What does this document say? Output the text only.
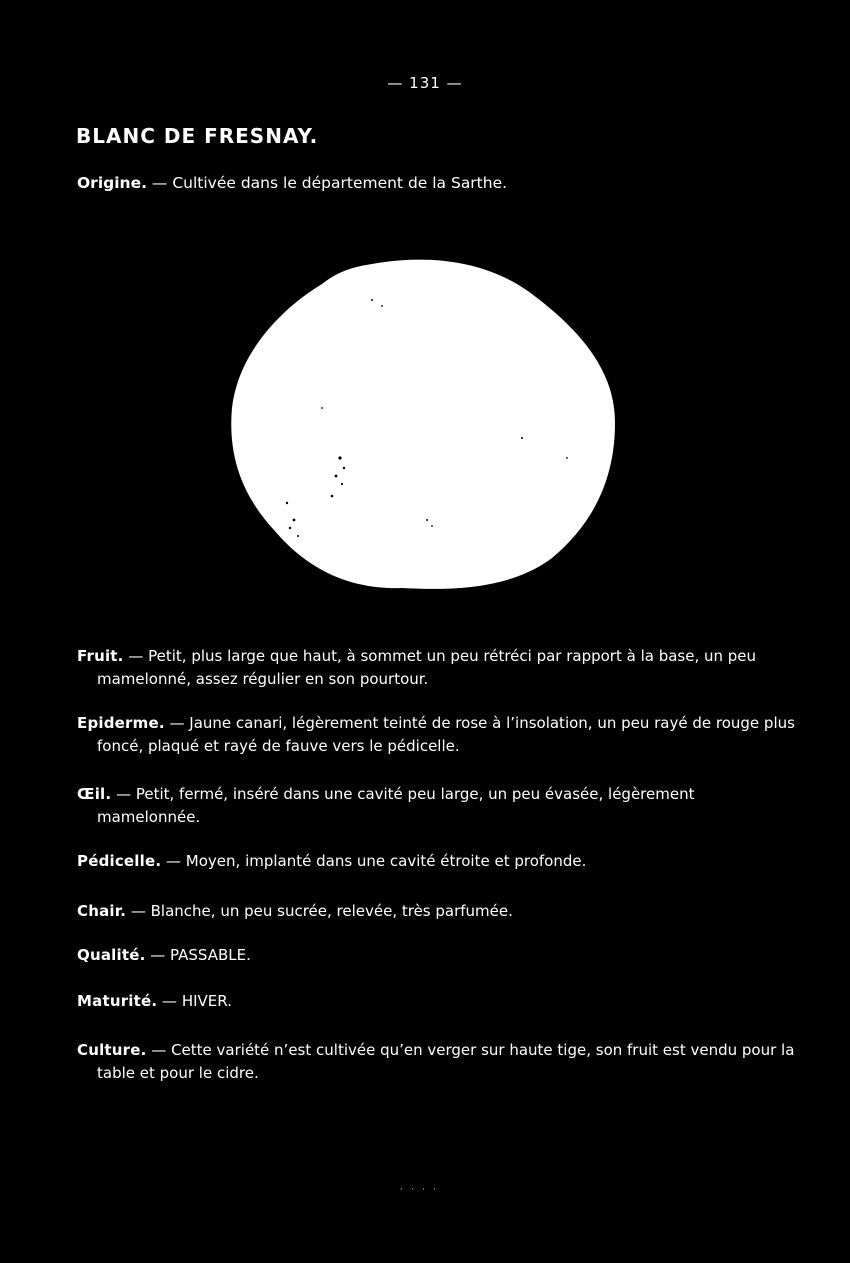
— 131 —
BLANC DE FRESNAY.
Origine. — Cultivée dans le département de la Sarthe.

Fruit. — Petit, plus large que haut, à sommet un peu rétréci par rapport à la base, un peu mamelonné, assez régulier en son pourtour.

Epiderme. — Jaune canari, légèrement teinté de rose à l’insolation, un peu rayé de rouge plus foncé, plaqué et rayé de fauve vers le pédicelle.

Œil. — Petit, fermé, inséré dans une cavité peu large, un peu évasée, légèrement mamelonnée.

Pédicelle. — Moyen, implanté dans une cavité étroite et profonde.

Chair. — Blanche, un peu sucrée, relevée, très parfumée.

Qualité. — PASSABLE.

Maturité. — HIVER.

Culture. — Cette variété n’est cultivée qu’en verger sur haute tige, son fruit est vendu pour la table et pour le cidre.

· · · ·
